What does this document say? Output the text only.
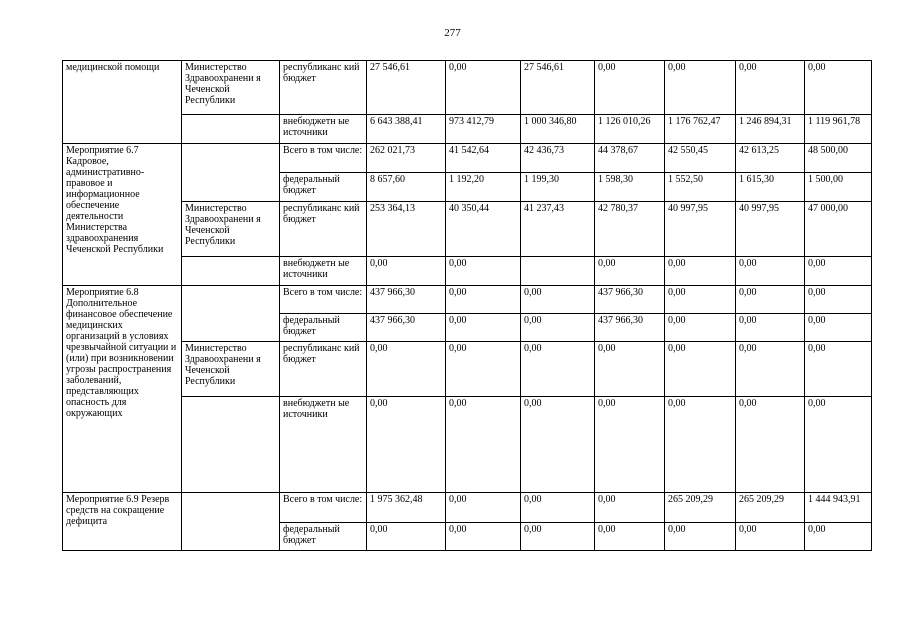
277
медицинской помощи	Министерство Здравоохранени я Чеченской Республики	республиканс кий бюджет	27 546,61	0,00	27 546,61	0,00	0,00	0,00	0,00
		внебюджетн ые источники	6 643 388,41	973 412,79	1 000 346,80	1 126 010,26	1 176 762,47	1 246 894,31	1 119 961,78
Мероприятие 6.7 Кадровое, административно-правовое и информационное обеспечение деятельности Министерства здравоохранения Чеченской Республики		Всего в том числе:	262 021,73	41 542,64	42 436,73	44 378,67	42 550,45	42 613,25	48 500,00
		федеральный бюджет	8 657,60	1 192,20	1 199,30	1 598,30	1 552,50	1 615,30	1 500,00
	Министерство Здравоохранени я Чеченской Республики	республиканс кий бюджет	253 364,13	40 350,44	41 237,43	42 780,37	40 997,95	40 997,95	47 000,00
		внебюджетн ые источники	0,00	0,00		0,00	0,00	0,00	0,00
Мероприятие 6.8 Дополнительное финансовое обеспечение медицинских организаций в условиях чрезвычайной ситуации и (или) при возникновении угрозы распространения заболеваний, представляющих опасность для окружающих		Всего в том числе:	437 966,30	0,00	0,00	437 966,30	0,00	0,00	0,00
		федеральный бюджет	437 966,30	0,00	0,00	437 966,30	0,00	0,00	0,00
	Министерство Здравоохранени я Чеченской Республики	республиканс кий бюджет	0,00	0,00	0,00	0,00	0,00	0,00	0,00
		внебюджетн ые источники	0,00	0,00	0,00	0,00	0,00	0,00	0,00
Мероприятие 6.9 Резерв средств на сокращение дефицита		Всего в том числе:	1 975 362,48	0,00	0,00	0,00	265 209,29	265 209,29	1 444 943,91
		федеральный бюджет	0,00	0,00	0,00	0,00	0,00	0,00	0,00
